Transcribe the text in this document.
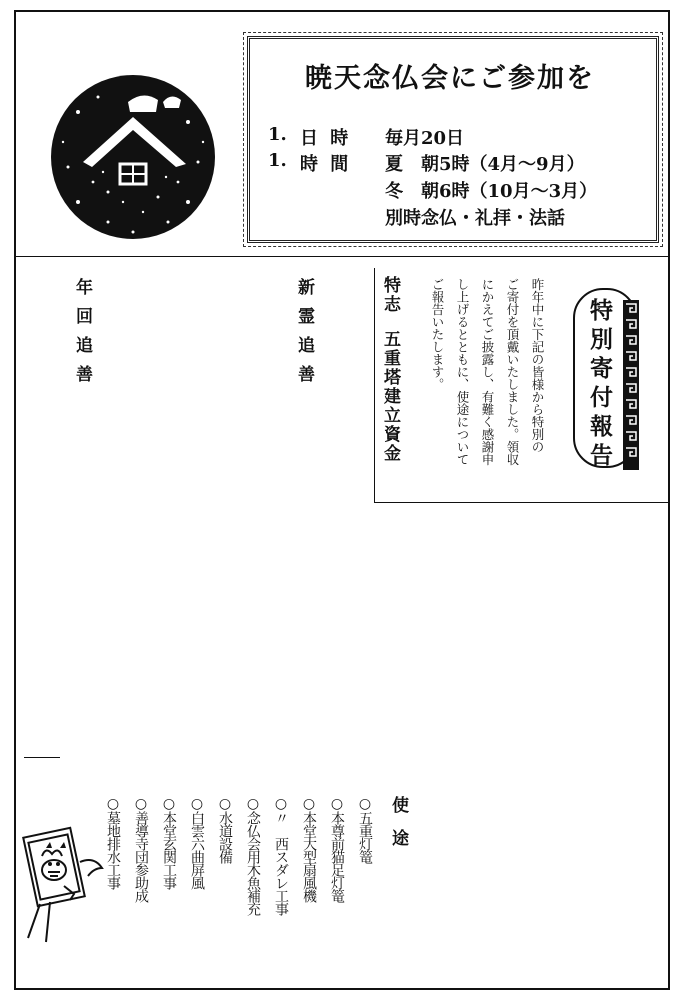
暁天念仏会にご参加を
1. 日 時 毎月20日
1. 時 間 夏　朝5時（4月～9月）
冬　朝6時（10月～3月）
別時念仏・礼拝・法話
特別寄付報告
昨年中に下記の皆様から特別の
ご寄付を頂戴いたしました。領収
にかえてご披露し、有難く感謝申
し上げるとともに、使途について
ご報告いたします。
特志
五重塔建立資金
新霊追善
年回追善
使途
○五重灯篭
○本尊前猫足灯篭
○本堂大型扇風機
○〃　西スダレ工事
○念仏会用木魚補充
○水道設備
○白雲六曲屏風
○本堂玄関工事
○善導寺団参助成
○墓地排水工事
